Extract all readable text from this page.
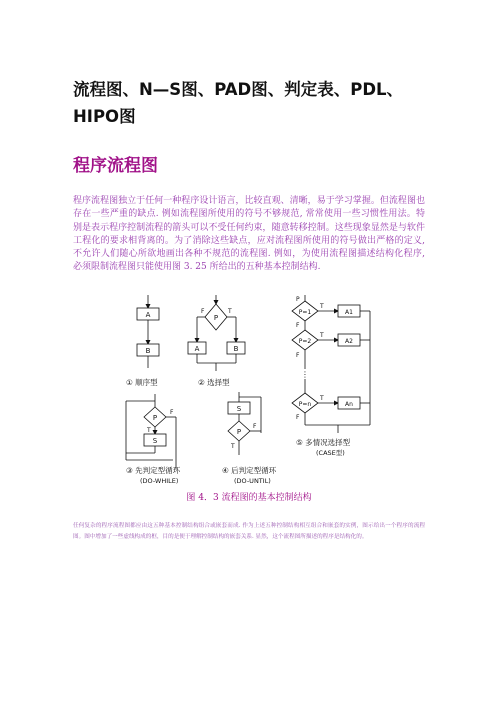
流程图、N—S图、PAD图、判定表、PDL、HIPO图
程序流程图

程序流程图独立于任何一种程序设计语言，比较直观、清晰，易于学习掌握。但流程图也存在一些严重的缺点. 例如流程图所使用的符号不够规范, 常常使用一些习惯性用法。特别是表示程序控制流程的箭头可以不受任何约束，随意转移控制。这些现象显然是与软件工程化的要求相背离的。为了消除这些缺点，应对流程图所使用的符号做出严格的定义, 不允许人们随心所欲地画出各种不规范的流程图. 例如，为使用流程图描述结构化程序, 必须限制流程图只能使用图 3. 25 所给出的五种基本控制结构.

A
B
P
A	B
P=1
P=2
P=n
A1
A2
An
P
S
S
P
F	T
P
T
F
T
F
T
F
F
T
F
T
⋮
① 顺序型	② 选择型
③ 先判定型循环
(DO-WHILE)
④ 后判定型循环
(DO-UNTIL)
⑤ 多情况选择型
(CASE型)

图 4．3 流程图的基本控制结构

任何复杂的程序流程图都应由这五种基本控制结构组合或嵌套而成. 作为上述五种控制结构相互组合和嵌套的实例，图示给出一个程序的流程图。图中增加了一些虚线构成的框，目的是便于理解控制结构的嵌套关系. 显然，这个流程图所描述的程序是结构化的。
